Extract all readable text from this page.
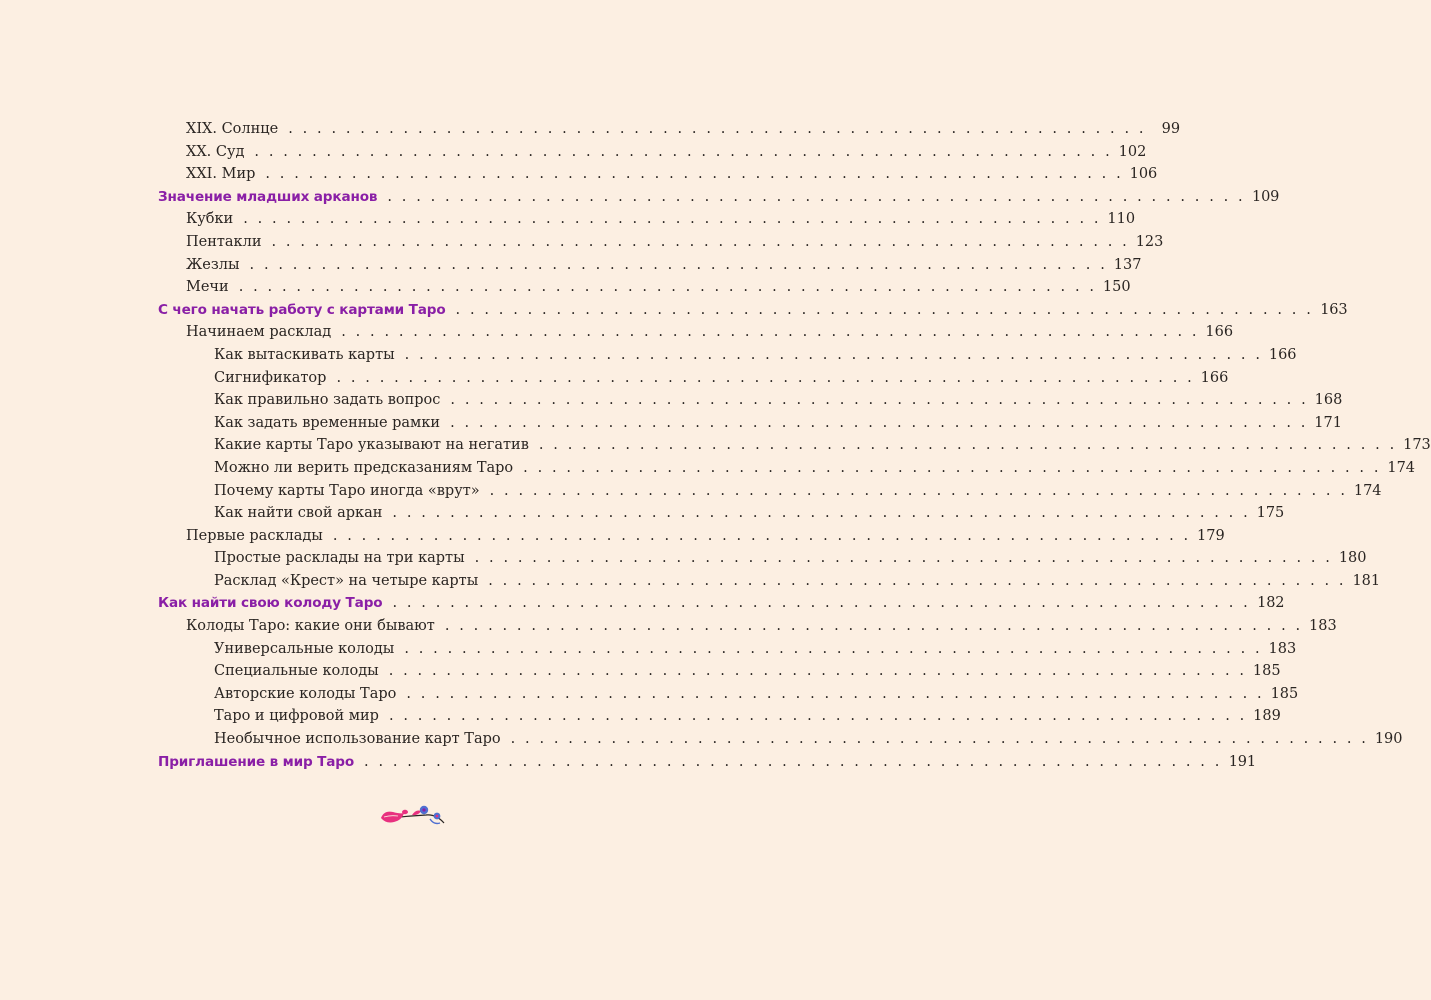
XIX. Солнце . . . . . . . . . . . . . . . . . . . . . . . . . . . . . . . . . . . . . . . . . . . . . . . . . . . . . . . . . . . .	99
XX. Суд . . . . . . . . . . . . . . . . . . . . . . . . . . . . . . . . . . . . . . . . . . . . . . . . . . . . . . . . . . . . 102
XXI. Мир . . . . . . . . . . . . . . . . . . . . . . . . . . . . . . . . . . . . . . . . . . . . . . . . . . . . . . . . . . . . 106
Значение младших арканов . . . . . . . . . . . . . . . . . . . . . . . . . . . . . . . . . . . . . . . . . . . . . . . . . . . . . . . . . . . . 109
Кубки . . . . . . . . . . . . . . . . . . . . . . . . . . . . . . . . . . . . . . . . . . . . . . . . . . . . . . . . . . . . 110
Пентакли . . . . . . . . . . . . . . . . . . . . . . . . . . . . . . . . . . . . . . . . . . . . . . . . . . . . . . . . . . . . 123
Жезлы . . . . . . . . . . . . . . . . . . . . . . . . . . . . . . . . . . . . . . . . . . . . . . . . . . . . . . . . . . . . 137
Мечи . . . . . . . . . . . . . . . . . . . . . . . . . . . . . . . . . . . . . . . . . . . . . . . . . . . . . . . . . . . . 150
С чего начать работу с картами Таро . . . . . . . . . . . . . . . . . . . . . . . . . . . . . . . . . . . . . . . . . . . . . . . . . . . . . . . . . . . . 163
Начинаем расклад . . . . . . . . . . . . . . . . . . . . . . . . . . . . . . . . . . . . . . . . . . . . . . . . . . . . . . . . . . . . 166
Как вытаскивать карты . . . . . . . . . . . . . . . . . . . . . . . . . . . . . . . . . . . . . . . . . . . . . . . . . . . . . . . . . . . . 166
Сигнификатор . . . . . . . . . . . . . . . . . . . . . . . . . . . . . . . . . . . . . . . . . . . . . . . . . . . . . . . . . . . . 166
Как правильно задать вопрос . . . . . . . . . . . . . . . . . . . . . . . . . . . . . . . . . . . . . . . . . . . . . . . . . . . . . . . . . . . . 168
Как задать временные рамки . . . . . . . . . . . . . . . . . . . . . . . . . . . . . . . . . . . . . . . . . . . . . . . . . . . . . . . . . . . . 171
Какие карты Таро указывают на негатив . . . . . . . . . . . . . . . . . . . . . . . . . . . . . . . . . . . . . . . . . . . . . . . . . . . . . . . . . . . . 173
Можно ли верить предсказаниям Таро . . . . . . . . . . . . . . . . . . . . . . . . . . . . . . . . . . . . . . . . . . . . . . . . . . . . . . . . . . . . 174
Почему карты Таро иногда «врут» . . . . . . . . . . . . . . . . . . . . . . . . . . . . . . . . . . . . . . . . . . . . . . . . . . . . . . . . . . . . 174
Как найти свой аркан . . . . . . . . . . . . . . . . . . . . . . . . . . . . . . . . . . . . . . . . . . . . . . . . . . . . . . . . . . . . 175
Первые расклады . . . . . . . . . . . . . . . . . . . . . . . . . . . . . . . . . . . . . . . . . . . . . . . . . . . . . . . . . . . . 179
Простые расклады на три карты . . . . . . . . . . . . . . . . . . . . . . . . . . . . . . . . . . . . . . . . . . . . . . . . . . . . . . . . . . . . 180
Расклад «Крест» на четыре карты . . . . . . . . . . . . . . . . . . . . . . . . . . . . . . . . . . . . . . . . . . . . . . . . . . . . . . . . . . . . 181
Как найти свою колоду Таро . . . . . . . . . . . . . . . . . . . . . . . . . . . . . . . . . . . . . . . . . . . . . . . . . . . . . . . . . . . . 182
Колоды Таро: какие они бывают . . . . . . . . . . . . . . . . . . . . . . . . . . . . . . . . . . . . . . . . . . . . . . . . . . . . . . . . . . . . 183
Универсальные колоды . . . . . . . . . . . . . . . . . . . . . . . . . . . . . . . . . . . . . . . . . . . . . . . . . . . . . . . . . . . . 183
Специальные колоды . . . . . . . . . . . . . . . . . . . . . . . . . . . . . . . . . . . . . . . . . . . . . . . . . . . . . . . . . . . . 185
Авторские колоды Таро . . . . . . . . . . . . . . . . . . . . . . . . . . . . . . . . . . . . . . . . . . . . . . . . . . . . . . . . . . . . 185
Таро и цифровой мир . . . . . . . . . . . . . . . . . . . . . . . . . . . . . . . . . . . . . . . . . . . . . . . . . . . . . . . . . . . . 189
Необычное использование карт Таро . . . . . . . . . . . . . . . . . . . . . . . . . . . . . . . . . . . . . . . . . . . . . . . . . . . . . . . . . . . . 190
Приглашение в мир Таро . . . . . . . . . . . . . . . . . . . . . . . . . . . . . . . . . . . . . . . . . . . . . . . . . . . . . . . . . . . . 191
